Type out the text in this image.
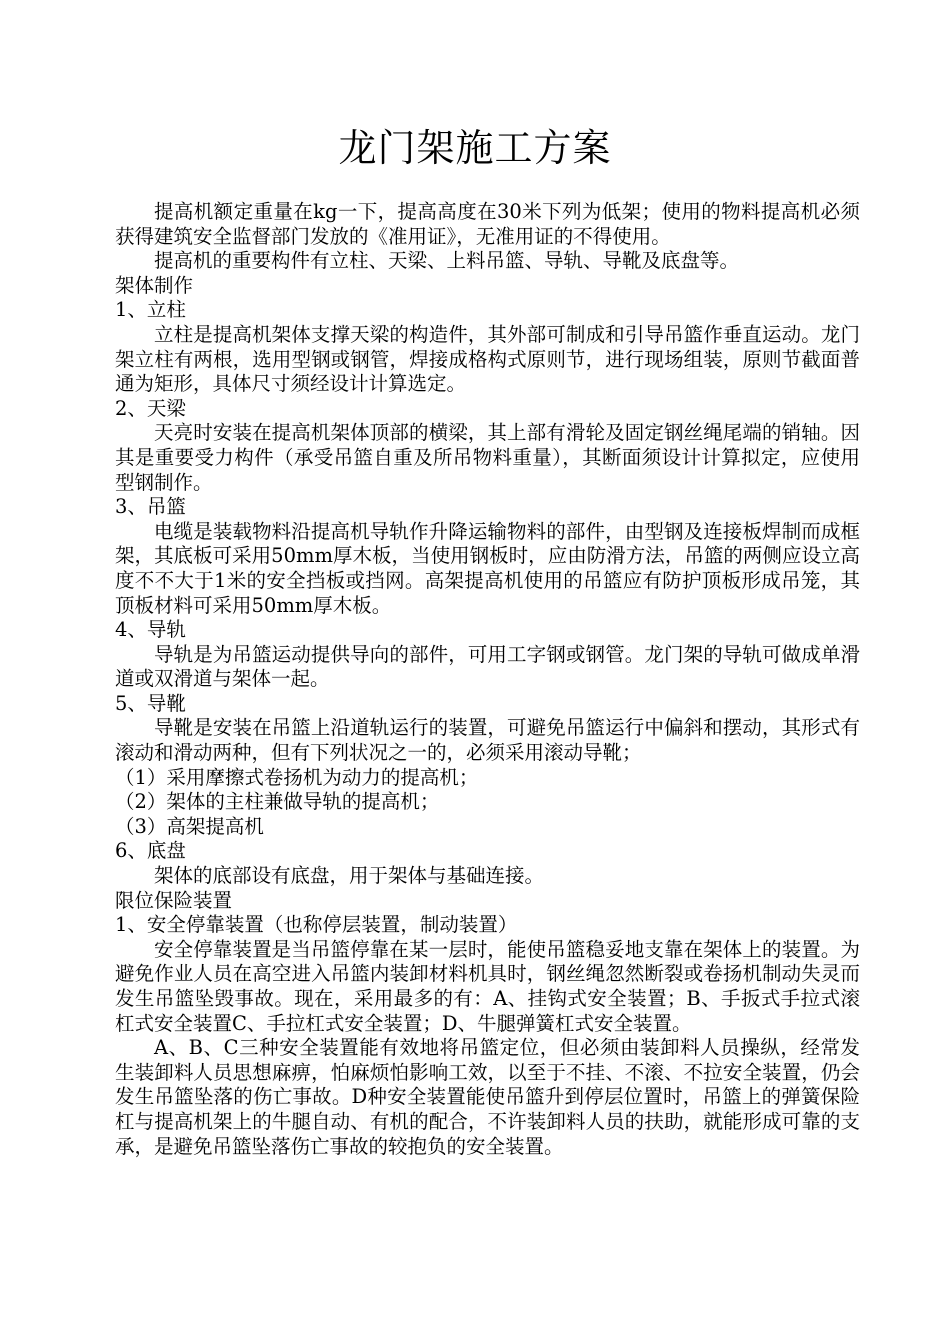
龙门架施工方案

提高机额定重量在kg一下，提高高度在30米下列为低架；使用的物料提高机必须获得建筑安全监督部门发放的《准用证》，无准用证的不得使用。

提高机的重要构件有立柱、天梁、上料吊篮、导轨、导靴及底盘等。

架体制作

1、立柱

立柱是提高机架体支撑天梁的构造件，其外部可制成和引导吊篮作垂直运动。龙门架立柱有两根，选用型钢或钢管，焊接成格构式原则节，进行现场组装，原则节截面普通为矩形，具体尺寸须经设计计算选定。

2、天梁

天亮时安装在提高机架体顶部的横梁，其上部有滑轮及固定钢丝绳尾端的销轴。因其是重要受力构件（承受吊篮自重及所吊物料重量），其断面须设计计算拟定，应使用型钢制作。

3、吊篮

电缆是装载物料沿提高机导轨作升降运输物料的部件，由型钢及连接板焊制而成框架，其底板可采用50mm厚木板，当使用钢板时，应由防滑方法，吊篮的两侧应设立高度不不大于1米的安全挡板或挡网。高架提高机使用的吊篮应有防护顶板形成吊笼，其顶板材料可采用50mm厚木板。

4、导轨

导轨是为吊篮运动提供导向的部件，可用工字钢或钢管。龙门架的导轨可做成单滑道或双滑道与架体一起。

5、导靴

导靴是安装在吊篮上沿道轨运行的装置，可避免吊篮运行中偏斜和摆动，其形式有滚动和滑动两种，但有下列状况之一的，必须采用滚动导靴；

（1）采用摩擦式卷扬机为动力的提高机；

（2）架体的主柱兼做导轨的提高机；

（3）高架提高机

6、底盘

架体的底部设有底盘，用于架体与基础连接。

限位保险装置

1、安全停靠装置（也称停层装置，制动装置）

安全停靠装置是当吊篮停靠在某一层时，能使吊篮稳妥地支靠在架体上的装置。为避免作业人员在高空进入吊篮内装卸材料机具时，钢丝绳忽然断裂或卷扬机制动失灵而发生吊篮坠毁事故。现在，采用最多的有：A、挂钩式安全装置；B、手扳式手拉式滚杠式安全装置C、手拉杠式安全装置；D、牛腿弹簧杠式安全装置。

A、B、C三种安全装置能有效地将吊篮定位，但必须由装卸料人员操纵，经常发生装卸料人员思想麻痹，怕麻烦怕影响工效，以至于不挂、不滚、不拉安全装置，仍会发生吊篮坠落的伤亡事故。D种安全装置能使吊篮升到停层位置时，吊篮上的弹簧保险杠与提高机架上的牛腿自动、有机的配合，不许装卸料人员的扶助，就能形成可靠的支承，是避免吊篮坠落伤亡事故的较抱负的安全装置。
